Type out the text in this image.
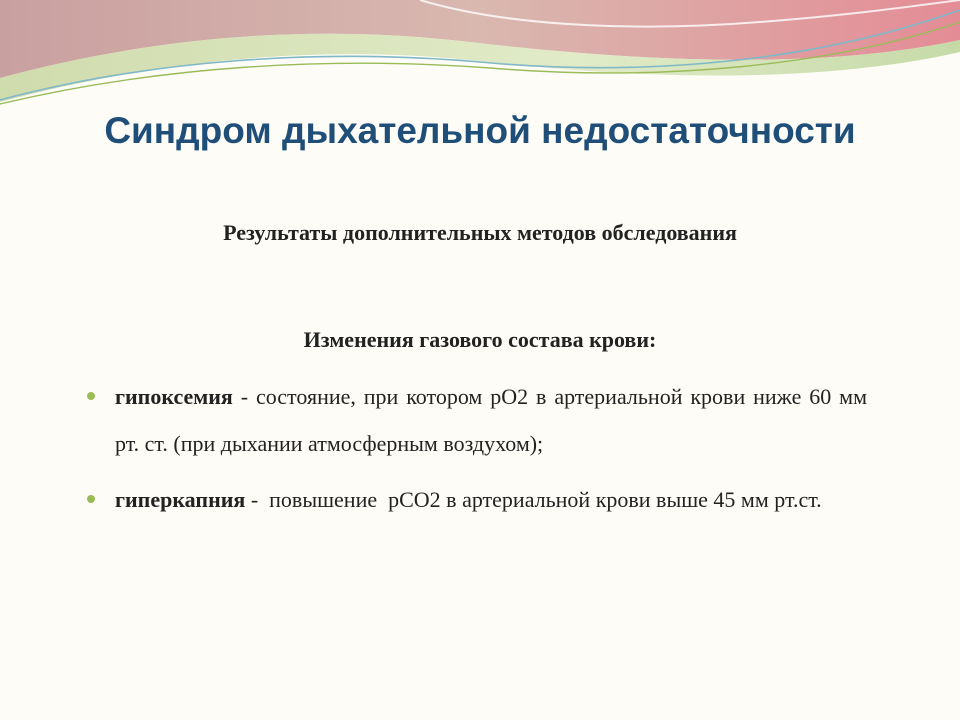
Синдром дыхательной недостаточности

Результаты дополнительных методов обследования

Изменения газового состава крови:

гипоксемия - состояние, при котором pO2 в артериальной крови ниже 60 мм рт. ст. (при дыхании атмосферным воздухом);
гиперкапния -  повышение  pCO2 в артериальной крови выше 45 мм рт.ст.
